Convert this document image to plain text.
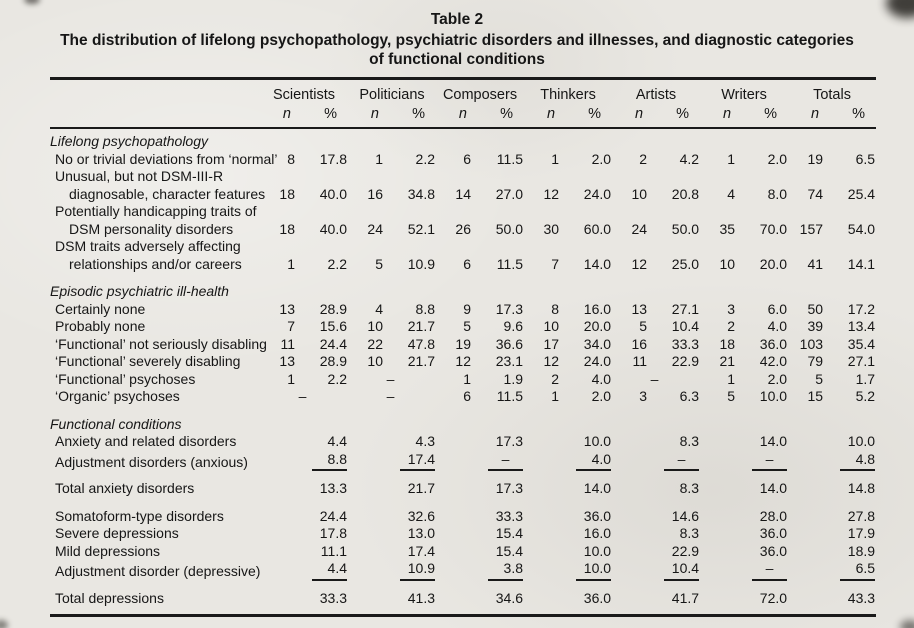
Table 2
The distribution of lifelong psychopathology, psychiatric disorders and illnesses, and diagnostic categories
of functional conditions
	Scientists		Politicians		Composers		Thinkers		Artists		Writers		Totals	
	n	%	n	%	n	%	n	%	n	%	n	%	n	%
Lifelong psychopathology														

No or trivial deviations from ‘normal’	8	17.8	1	2.2	6	11.5	1	2.0	2	4.2	1	2.0	19	6.5

Unusual, but not DSM-III-R
diagnosable, character features	18	40.0	16	34.8	14	27.0	12	24.0	10	20.8	4	8.0	74	25.4

Potentially handicapping traits of
DSM personality disorders	18	40.0	24	52.1	26	50.0	30	60.0	24	50.0	35	70.0	157	54.0

DSM traits adversely affecting
relationships and/or careers	1	2.2	5	10.9	6	11.5	7	14.0	12	25.0	10	20.0	41	14.1
Episodic psychiatric ill-health														

Certainly none	13	28.9	4	8.8	9	17.3	8	16.0	13	27.1	3	6.0	50	17.2

Probably none	7	15.6	10	21.7	5	9.6	10	20.0	5	10.4	2	4.0	39	13.4

‘Functional’ not seriously disabling	11	24.4	22	47.8	19	36.6	17	34.0	16	33.3	18	36.0	103	35.4

‘Functional’ severely disabling	13	28.9	10	21.7	12	23.1	12	24.0	11	22.9	21	42.0	79	27.1

‘Functional’ psychoses	1	2.2	–		1	1.9	2	4.0	–		1	2.0	5	1.7

‘Organic’ psychoses	–		–		6	11.5	1	2.0	3	6.3	5	10.0	15	5.2
Functional conditions														

Anxiety and related disorders		4.4		4.3		17.3		10.0		8.3		14.0		10.0

Adjustment disorders (anxious)		8.8		17.4		–		4.0		–		–		4.8

Total anxiety disorders		13.3		21.7		17.3		14.0		8.3		14.0		14.8

Somatoform-type disorders		24.4		32.6		33.3		36.0		14.6		28.0		27.8

Severe depressions		17.8		13.0		15.4		16.0		8.3		36.0		17.9

Mild depressions		11.1		17.4		15.4		10.0		22.9		36.0		18.9

Adjustment disorder (depressive)		4.4		10.9		3.8		10.0		10.4		–		6.5

Total depressions		33.3		41.3		34.6		36.0		41.7		72.0		43.3
